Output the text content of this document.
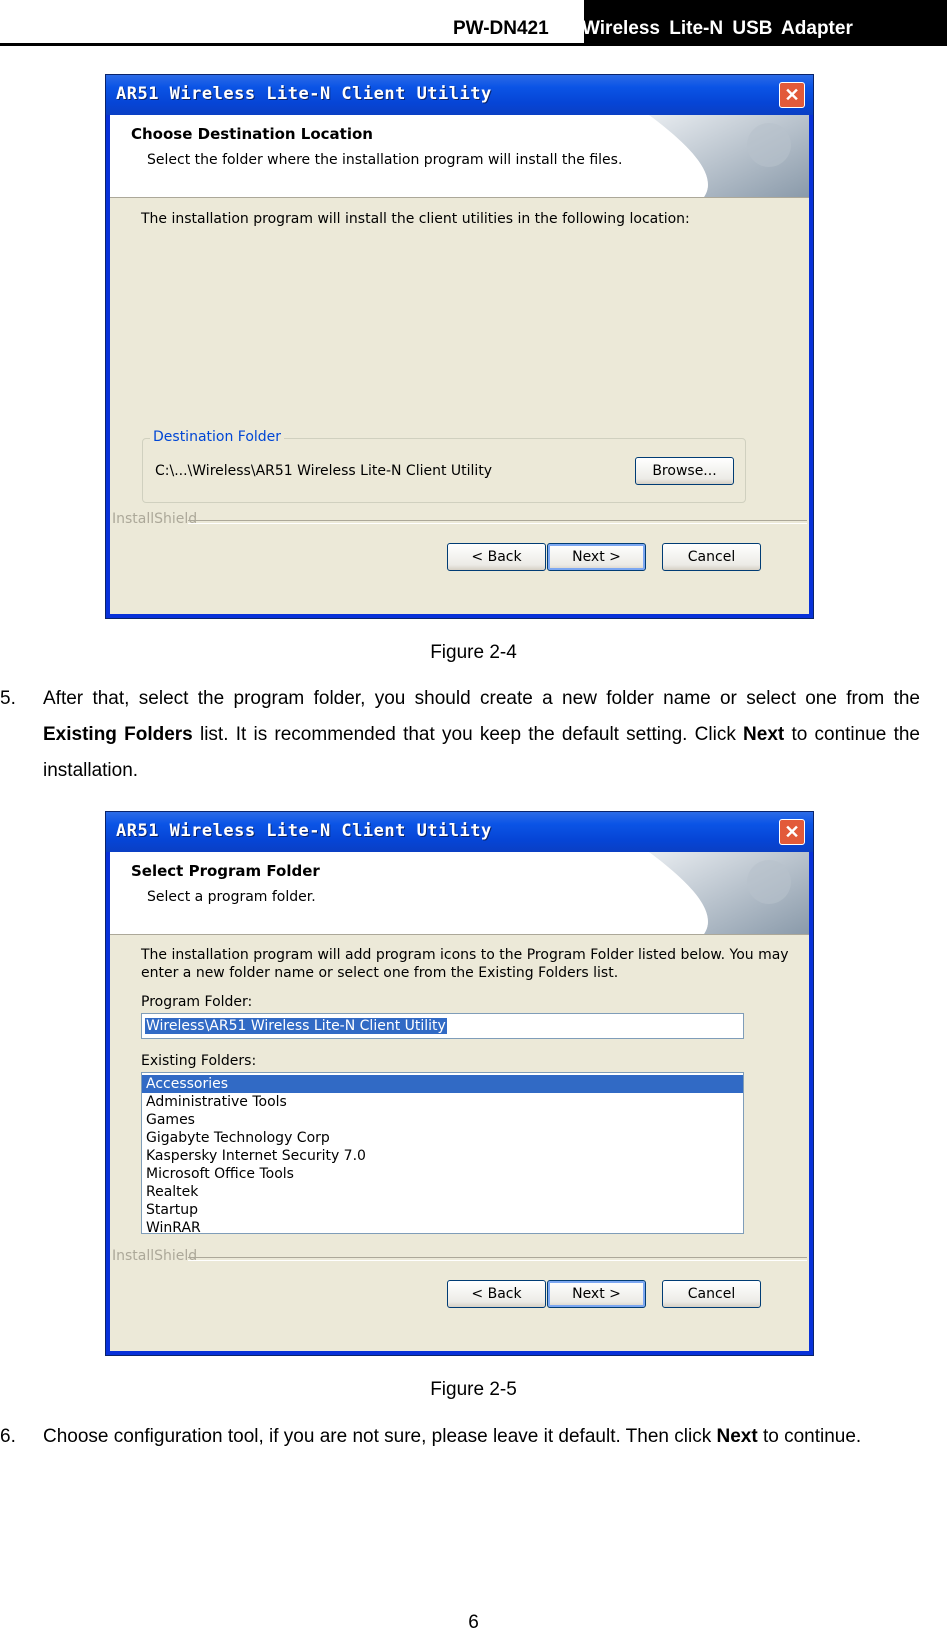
PW-DN421	Wireless Lite-N USB Adapter
AR51 Wireless Lite-N Client Utility	✕
Choose Destination Location
Select the folder where the installation program will install the files.
The installation program will install the client utilities in the following location:
Destination Folder
C:\...\Wireless\AR51 Wireless Lite-N Client Utility	Browse...
InstallShield
< Back	Next >	Cancel
Figure 2-4
5. After that, select the program folder, you should create a new folder name or select one from the Existing Folders list. It is recommended that you keep the default setting. Click Next to continue the installation.
AR51 Wireless Lite-N Client Utility	✕
Select Program Folder
Select a program folder.
The installation program will add program icons to the Program Folder listed below. You may
enter a new folder name or select one from the Existing Folders list.
Program Folder:
Wireless\AR51 Wireless Lite-N Client Utility
Existing Folders:
Accessories
Administrative Tools
Games
Gigabyte Technology Corp
Kaspersky Internet Security 7.0
Microsoft Office Tools
Realtek
Startup
WinRAR
InstallShield
< Back	Next >	Cancel
Figure 2-5
6. Choose configuration tool, if you are not sure, please leave it default. Then click Next to continue.
6
